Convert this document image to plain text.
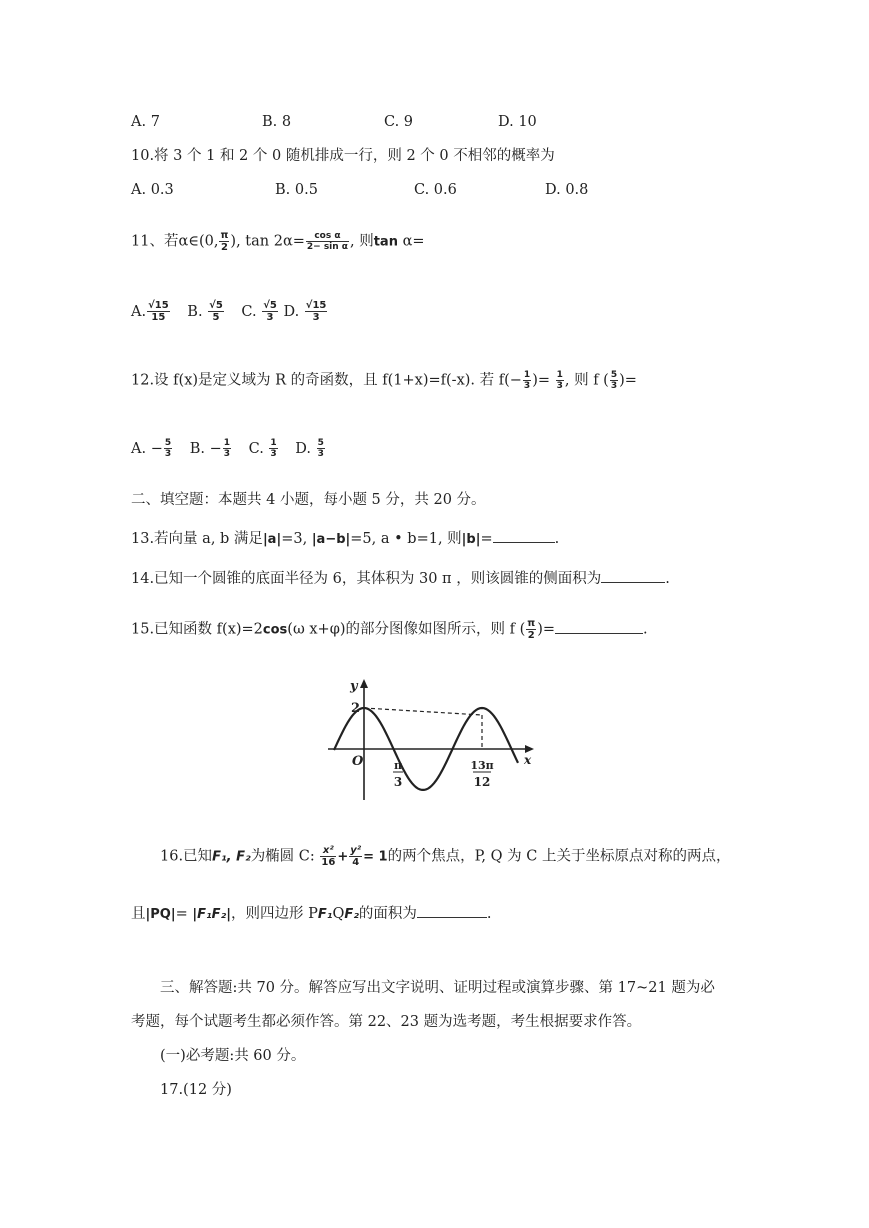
A. 7	B. 8	C. 9	D. 10
10.将 3 个 1 和 2 个 0 随机排成一行，则 2 个 0 不相邻的概率为
A. 0.3	B. 0.5	C. 0.6	D. 0.8
11、若α∈(0, $\frac{\pi}{2}$ ), $\tan 2\alpha= \frac{\text{cos α}}{\text{2− sin α}}$ , 则tan α=
A. $\frac{√15}{15} B$. $\frac{√5}{5} C$. $\frac{√5}{3} D$. $\frac{√15}{3}$
12.设 f(x)是定义域为 R 的奇函数，且 f(1+x)=f(-x). 若 $f(- \frac{1}{3}$ )= $\frac{1}{3}$ , 则 f ( $\frac{5}{3}$ )=
A. − $\frac{5}{3} B$. − $\frac{1}{3} C$. $\frac{1}{3} D$. $\frac{5}{3}$
二、填空题：本题共 4 小题，每小题 5 分，共 20 分。
13.若向量 a, b 满足|a|=3, |a−b|=5, a • b=1, 则|b|=	.
14.已知一个圆锥的底面半径为 6，其体积为 30 π ，则该圆锥的侧面积为	.
15.已知函数 f(x)=2cos(ω x+φ)的部分图像如图所示，则 f ( $\frac{\pi}{2}$ )=	.
y
x
O
2
π
3
13π
12
16.已知F₁, F₂为椭圆 C: $\frac{\text{x²}}{16} + \frac{\text{y²}}{4} = 1$的两个焦点，P, Q 为 C 上关于坐标原点对称的两点，
且|PQ|= |F₁F₂|，则四边形 PF₁QF₂的面积为	.
三、解答题:共 70 分。解答应写出文字说明、证明过程或演算步骤、第 17~21 题为必
考题，每个试题考生都必须作答。第 22、23 题为选考题，考生根据要求作答。
(一)必考题:共 60 分。
17.(12 分)
